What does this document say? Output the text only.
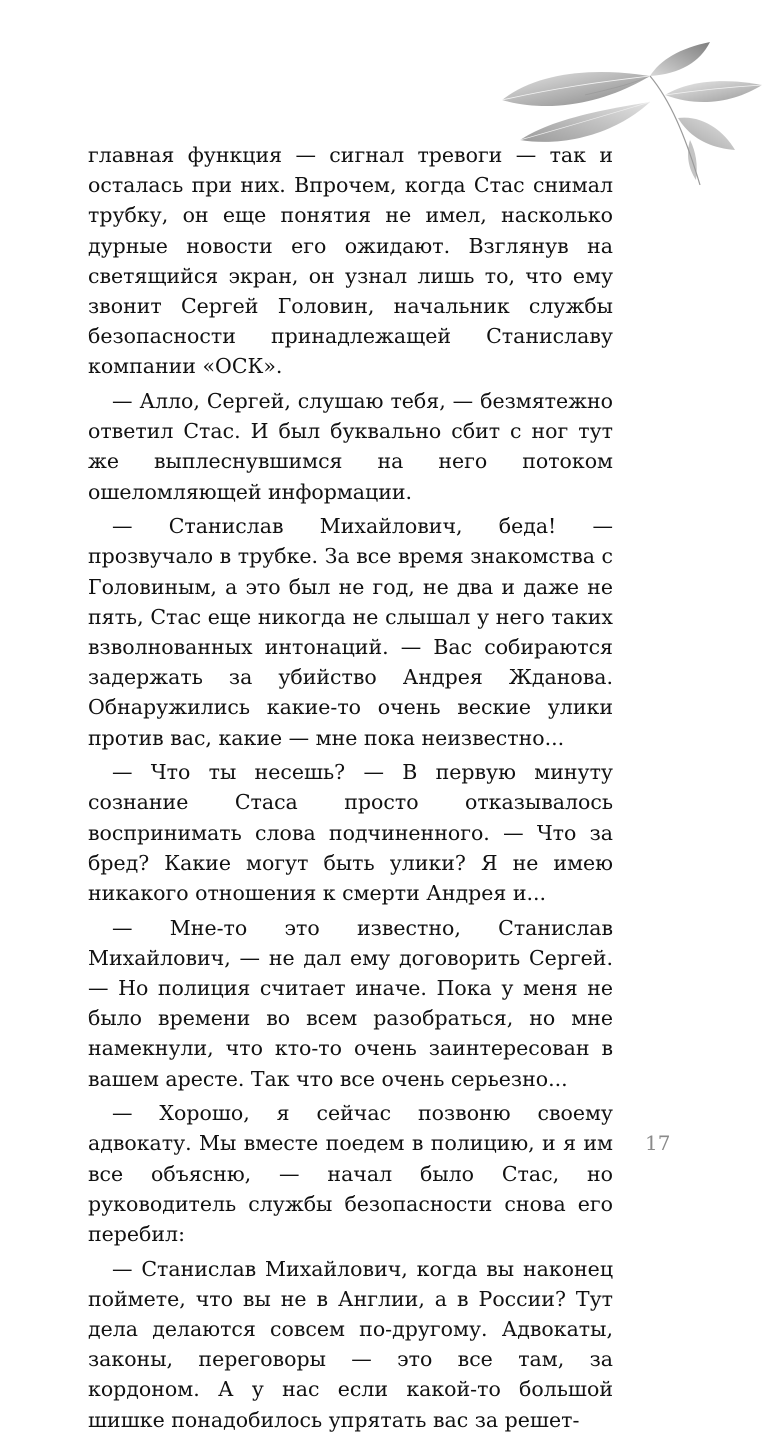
главная функция — сигнал тревоги — так и осталась при них. Впрочем, когда Стас снимал трубку, он еще понятия не имел, насколько дурные новости его ожидают. Взглянув на светящийся экран, он узнал лишь то, что ему звонит Сергей Головин, начальник службы безопасности принадлежащей Станиславу компании «ОСК».

— Алло, Сергей, слушаю тебя, — безмятежно ответил Стас. И был буквально сбит с ног тут же выплеснувшимся на него потоком ошеломляющей информации.

— Станислав Михайлович, беда! — прозвучало в трубке. За все время знакомства с Головиным, а это был не год, не два и даже не пять, Стас еще никогда не слышал у него таких взволнованных интонаций. — Вас собираются задержать за убийство Андрея Жданова. Обнаружились какие-то очень веские улики против вас, какие — мне пока неизвестно...

— Что ты несешь? — В первую минуту сознание Стаса просто отказывалось воспринимать слова подчиненного. — Что за бред? Какие могут быть улики? Я не имею никакого отношения к смерти Андрея и...

— Мне-то это известно, Станислав Михайлович, — не дал ему договорить Сергей. — Но полиция считает иначе. Пока у меня не было времени во всем разобраться, но мне намекнули, что кто-то очень заинтересован в вашем аресте. Так что все очень серьезно...

— Хорошо, я сейчас позвоню своему адвокату. Мы вместе поедем в полицию, и я им все объясню, — начал было Стас, но руководитель службы безопасности снова его перебил:

— Станислав Михайлович, когда вы наконец поймете, что вы не в Англии, а в России? Тут дела делаются совсем по-другому. Адвокаты, законы, переговоры — это все там, за кордоном. А у нас если какой-то большой шишке понадобилось упрятать вас за решет-

17
